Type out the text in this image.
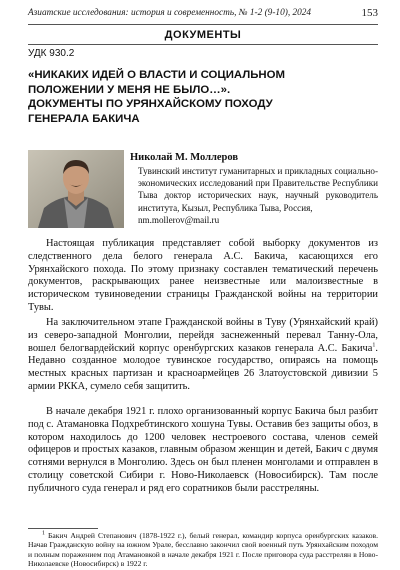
Азиатские исследования: история и современность, № 1-2 (9-10), 2024	153
ДОКУМЕНТЫ
УДК 930.2
«НИКАКИХ ИДЕЙ О ВЛАСТИ И СОЦИАЛЬНОМ
ПОЛОЖЕНИИ У МЕНЯ НЕ БЫЛО…».
ДОКУМЕНТЫ ПО УРЯНХАЙСКОМУ ПОХОДУ
ГЕНЕРАЛА БАКИЧА
Николай М. Моллеров
Тувинский институт гуманитарных и прикладных социально-экономических исследований при Правительстве Республики Тыва доктор исторических наук, научный руководитель института, Кызыл, Республика Тыва, Россия,
nm.mollerov@mail.ru

Настоящая публикация представляет собой выборку документов из следственного дела белого генерала А.С. Бакича, касающихся его Урянхайского похода. По этому признаку составлен тематический перечень документов, раскрывающих ранее неизвестные или малоизвестные в историческом тувиноведении страницы Гражданской войны на территории Тувы.

На заключительном этапе Гражданской войны в Туву (Урянхайский край) из северо-западной Монголии, перейдя заснеженный перевал Танну-Ола, вошел белогвардейский корпус оренбургских казаков генерала А.С. Бакича$^1$. Недавно созданное молодое тувинское государство, опираясь на помощь местных красных партизан и красноармейцев 26 Златоустовской дивизии 5 армии РККА, сумело себя защитить.

В начале декабря 1921 г. плохо организованный корпус Бакича был разбит под с. Атамановка Подхребтинского хошуна Тувы. Оставив без защиты обоз, в котором находилось до 1200 человек нестроевого состава, членов семей офицеров и простых казаков, главным образом женщин и детей, Бакич с двумя сотнями вернулся в Монголию. Здесь он был пленен монголами и отправлен в столицу советской Сибири г. Ново-Николаевск (Новосибирск). Там после публичного суда генерал и ряд его соратников были расстреляны.

$^1$ Бакич Андрей Степанович (1878-1922 г.), белый генерал, командир корпуса оренбургских казаков. Начав Гражданскую войну на южном Урале, бесславно закончил свой военный путь Урянхайским походом и полным поражением под Атамановкой в начале декабря 1921 г. После приговора суда расстрелян в Ново-Николаевске (Новосибирск) в 1922 г.
